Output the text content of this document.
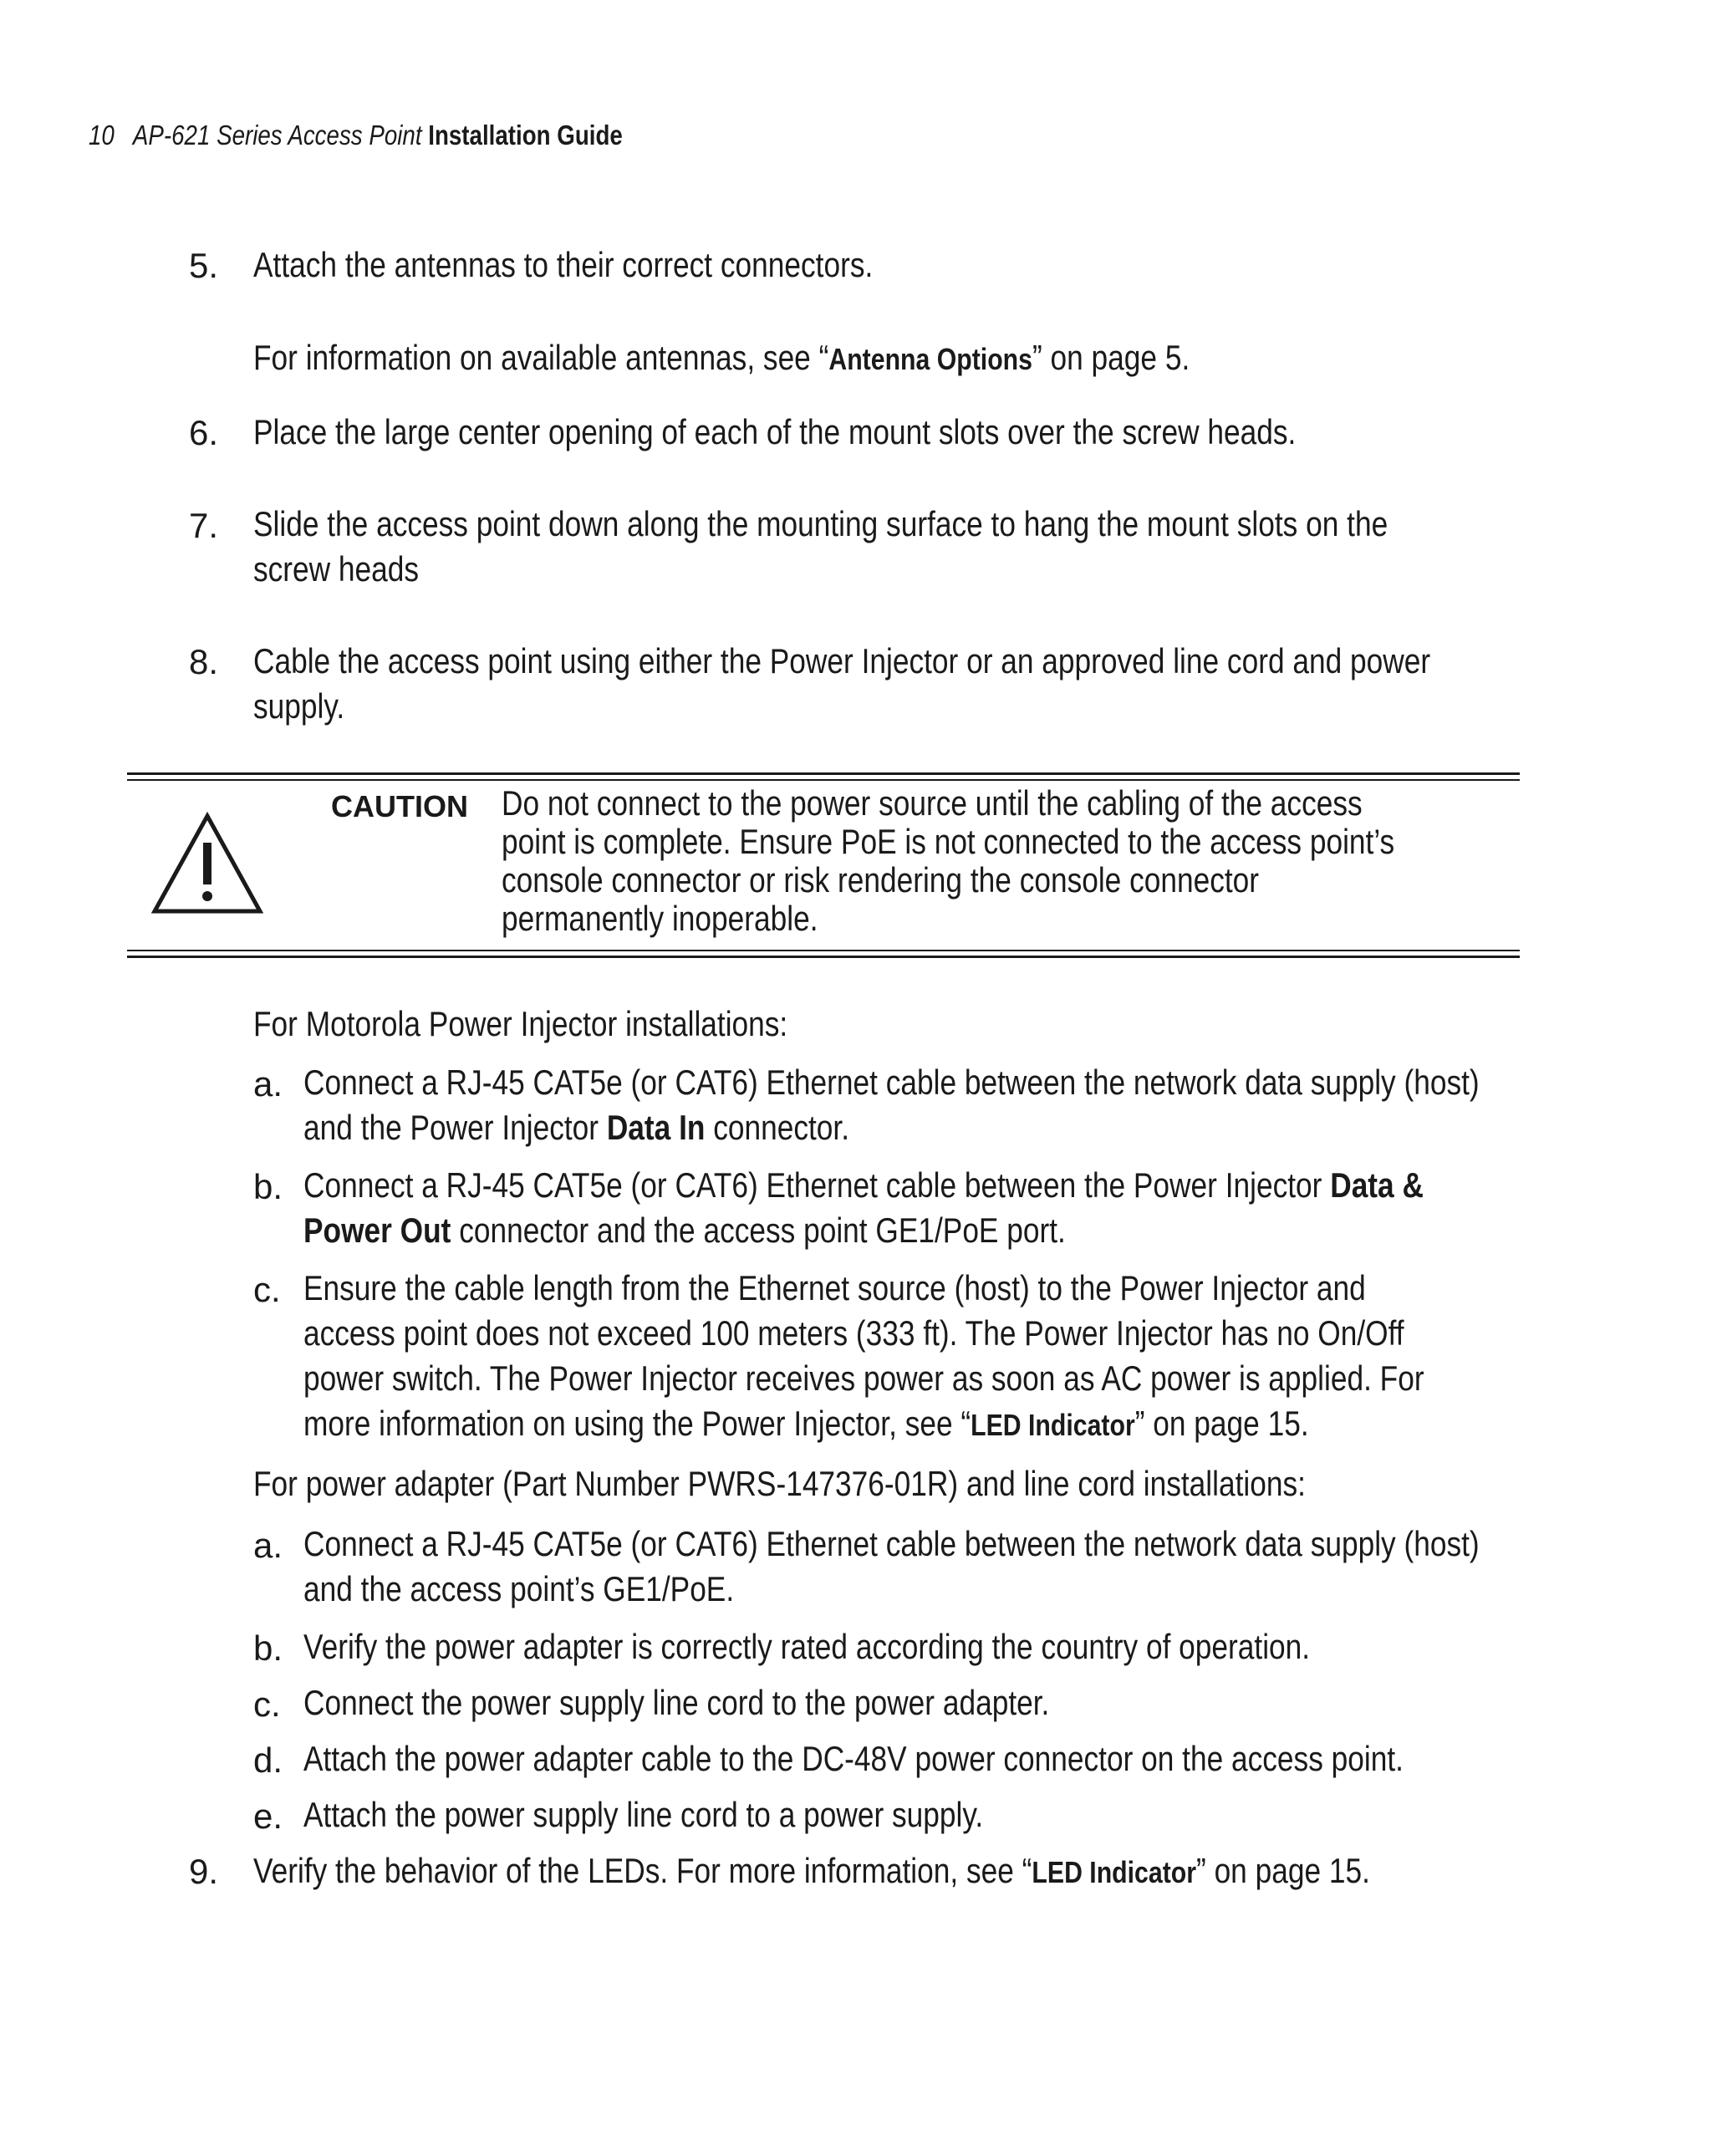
10 AP-621 Series Access Point Installation Guide
5. Attach the antennas to their correct connectors.
For information on available antennas, see “Antenna Options” on page 5.
6. Place the large center opening of each of the mount slots over the screw heads.
7. Slide the access point down along the mounting surface to hang the mount slots on the
screw heads
8. Cable the access point using either the Power Injector or an approved line cord and power
supply.
CAUTION Do not connect to the power source until the cabling of the access
point is complete. Ensure PoE is not connected to the access point’s
console connector or risk rendering the console connector
permanently inoperable.
For Motorola Power Injector installations:
a. Connect a RJ-45 CAT5e (or CAT6) Ethernet cable between the network data supply (host)
and the Power Injector Data In connector.
b. Connect a RJ-45 CAT5e (or CAT6) Ethernet cable between the Power Injector Data &
Power Out connector and the access point GE1/PoE port.
c. Ensure the cable length from the Ethernet source (host) to the Power Injector and
access point does not exceed 100 meters (333 ft). The Power Injector has no On/Off
power switch. The Power Injector receives power as soon as AC power is applied. For
more information on using the Power Injector, see “LED Indicator” on page 15.
For power adapter (Part Number PWRS-147376-01R) and line cord installations:
a. Connect a RJ-45 CAT5e (or CAT6) Ethernet cable between the network data supply (host)
and the access point’s GE1/PoE.
b. Verify the power adapter is correctly rated according the country of operation.
c. Connect the power supply line cord to the power adapter.
d. Attach the power adapter cable to the DC-48V power connector on the access point.
e. Attach the power supply line cord to a power supply.
9. Verify the behavior of the LEDs. For more information, see “LED Indicator” on page 15.
